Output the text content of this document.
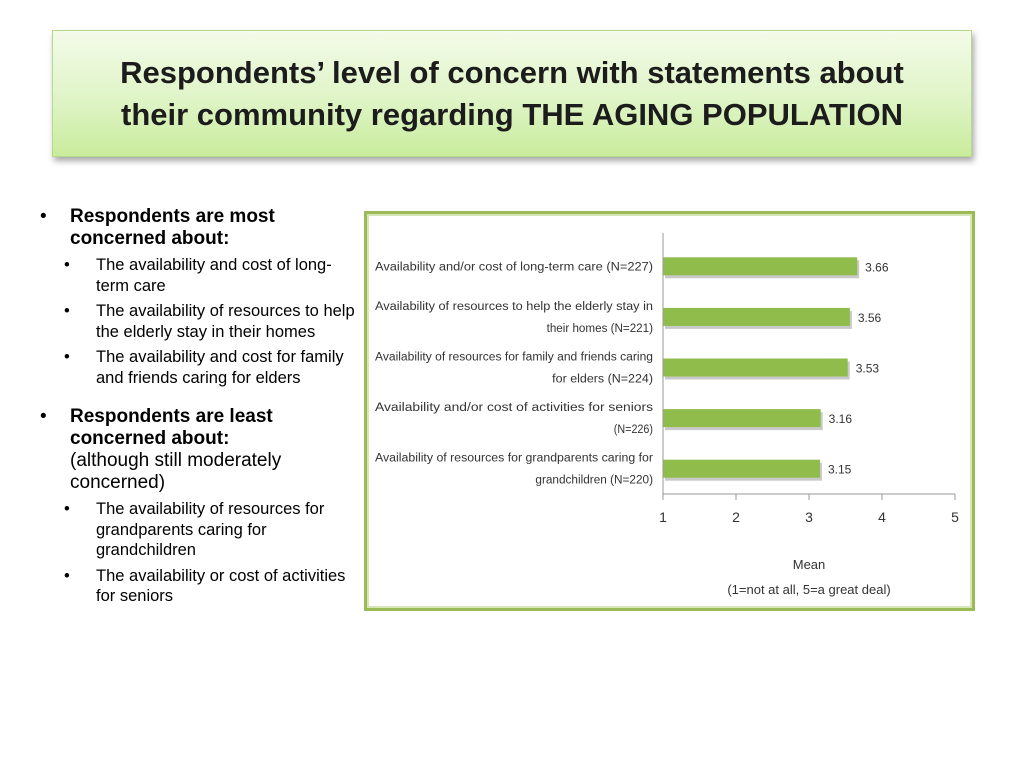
Respondents’ level of concern with statements about
their community regarding THE AGING POPULATION
• Respondents are most concerned about:
• The availability and cost of long-term care
• The availability of resources to help the elderly stay in their homes
• The availability and cost for family and friends caring for elders
• Respondents are least concerned about:
(although still moderately concerned)
• The availability of resources for grandparents caring for grandchildren
• The availability or cost of activities for seniors
3.66
Availability and/or cost of long-term care (N=227)
3.56
Availability of resources to help the elderly stay in
their homes (N=221)
3.53
Availability of resources for family and friends caring
for elders (N=224)
3.16
Availability and/or cost of activities for seniors
(N=226)
3.15
Availability of resources for grandparents caring for
grandchildren (N=220)
1	2	3	4	5
Mean
(1=not at all, 5=a great deal)
